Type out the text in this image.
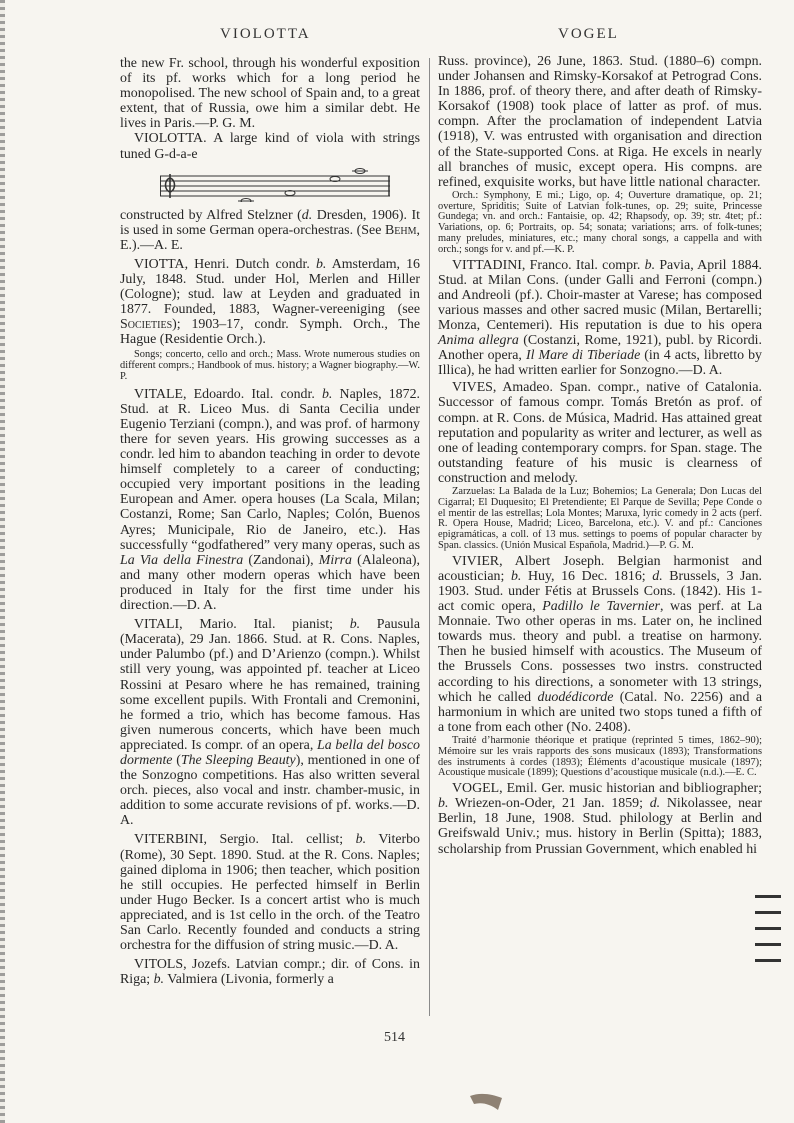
VIOLOTTA	VOGEL

the new Fr. school, through his wonderful exposition of its pf. works which for a long period he monopolised. The new school of Spain and, to a great extent, that of Russia, owe him a similar debt. He lives in Paris.—P. G. M.

VIOLOTTA. A large kind of viola with strings tuned G-d-a-e

constructed by Alfred Stelzner (d. Dresden, 1906). It is used in some German opera-orchestras. (See Behm, E.).—A. E.

VIOTTA, Henri. Dutch condr. b. Amsterdam, 16 July, 1848. Stud. under Hol, Merlen and Hiller (Cologne); stud. law at Leyden and graduated in 1877. Founded, 1883, Wagner-vereeniging (see Societies); 1903–17, condr. Symph. Orch., The Hague (Residentie Orch.).

Songs; concerto, cello and orch.; Mass. Wrote numerous studies on different comprs.; Handbook of mus. history; a Wagner biography.—W. P.

VITALE, Edoardo. Ital. condr. b. Naples, 1872. Stud. at R. Liceo Mus. di Santa Cecilia under Eugenio Terziani (compn.), and was prof. of harmony there for seven years. His growing successes as a condr. led him to abandon teaching in order to devote himself completely to a career of conducting; occupied very important positions in the leading European and Amer. opera houses (La Scala, Milan; Costanzi, Rome; San Carlo, Naples; Colón, Buenos Ayres; Municipale, Rio de Janeiro, etc.). Has successfully “godfathered” very many operas, such as La Via della Finestra (Zandonai), Mirra (Alaleona), and many other modern operas which have been produced in Italy for the first time under his direction.—D. A.

VITALI, Mario. Ital. pianist; b. Pausula (Macerata), 29 Jan. 1866. Stud. at R. Cons. Naples, under Palumbo (pf.) and D’Arienzo (compn.). Whilst still very young, was appointed pf. teacher at Liceo Rossini at Pesaro where he has remained, training some excellent pupils. With Frontali and Cremonini, he formed a trio, which has become famous. Has given numerous concerts, which have been much appreciated. Is compr. of an opera, La bella del bosco dormente (The Sleeping Beauty), mentioned in one of the Sonzogno competitions. Has also written several orch. pieces, also vocal and instr. chamber-music, in addition to some accurate revisions of pf. works.—D. A.

VITERBINI, Sergio. Ital. cellist; b. Viterbo (Rome), 30 Sept. 1890. Stud. at the R. Cons. Naples; gained diploma in 1906; then teacher, which position he still occupies. He perfected himself in Berlin under Hugo Becker. Is a concert artist who is much appreciated, and is 1st cello in the orch. of the Teatro San Carlo. Recently founded and conducts a string orchestra for the diffusion of string music.—D. A.

VITOLS, Jozefs. Latvian compr.; dir. of Cons. in Riga; b. Valmiera (Livonia, formerly a

Russ. province), 26 June, 1863. Stud. (1880–6) compn. under Johansen and Rimsky-Korsakof at Petrograd Cons. In 1886, prof. of theory there, and after death of Rimsky-Korsakof (1908) took place of latter as prof. of mus. compn. After the proclamation of independent Latvia (1918), V. was entrusted with organisation and direction of the State-supported Cons. at Riga. He excels in nearly all branches of music, except opera. His compns. are refined, exquisite works, but have little national character.

Orch.: Symphony, E mi.; Ligo, op. 4; Ouverture dramatique, op. 21; overture, Spriditis; Suite of Latvian folk-tunes, op. 29; suite, Princesse Gundega; vn. and orch.: Fantaisie, op. 42; Rhapsody, op. 39; str. 4tet; pf.: Variations, op. 6; Portraits, op. 54; sonata; variations; arrs. of folk-tunes; many preludes, miniatures, etc.; many choral songs, a cappella and with orch.; songs for v. and pf.—K. P.

VITTADINI, Franco. Ital. compr. b. Pavia, April 1884. Stud. at Milan Cons. (under Galli and Ferroni (compn.) and Andreoli (pf.). Choir-master at Varese; has composed various masses and other sacred music (Milan, Bertarelli; Monza, Centemeri). His reputation is due to his opera Anima allegra (Costanzi, Rome, 1921), publ. by Ricordi. Another opera, Il Mare di Tiberiade (in 4 acts, libretto by Illica), he had written earlier for Sonzogno.—D. A.

VIVES, Amadeo. Span. compr., native of Catalonia. Successor of famous compr. Tomás Bretón as prof. of compn. at R. Cons. de Música, Madrid. Has attained great reputation and popularity as writer and lecturer, as well as one of leading contemporary comprs. for Span. stage. The outstanding feature of his music is clearness of construction and melody.

Zarzuelas: La Balada de la Luz; Bohemios; La Generala; Don Lucas del Cigarral; El Duquesito; El Pretendiente; El Parque de Sevilla; Pepe Conde o el mentir de las estrellas; Lola Montes; Maruxa, lyric comedy in 2 acts (perf. R. Opera House, Madrid; Liceo, Barcelona, etc.). V. and pf.: Canciones epigramáticas, a coll. of 13 mus. settings to poems of popular character by Span. classics. (Unión Musical Española, Madrid.)—P. G. M.

VIVIER, Albert Joseph. Belgian harmonist and acoustician; b. Huy, 16 Dec. 1816; d. Brussels, 3 Jan. 1903. Stud. under Fétis at Brussels Cons. (1842). His 1-act comic opera, Padillo le Tavernier, was perf. at La Monnaie. Two other operas in ms. Later on, he inclined towards mus. theory and publ. a treatise on harmony. Then he busied himself with acoustics. The Museum of the Brussels Cons. possesses two instrs. constructed according to his directions, a sonometer with 13 strings, which he called duodédicorde (Catal. No. 2256) and a harmonium in which are united two stops tuned a fifth of a tone from each other (No. 2408).

Traité d’harmonie théorique et pratique (reprinted 5 times, 1862–90); Mémoire sur les vrais rapports des sons musicaux (1893); Transformations des instruments à cordes (1893); Éléments d’acoustique musicale (1897); Acoustique musicale (1899); Questions d’acoustique musicale (n.d.).—E. C.

VOGEL, Emil. Ger. music historian and bibliographer; b. Wriezen-on-Oder, 21 Jan. 1859; d. Nikolassee, near Berlin, 18 June, 1908. Stud. philology at Berlin and Greifswald Univ.; mus. history in Berlin (Spitta); 1883, scholarship from Prussian Government, which enabled hi

514
